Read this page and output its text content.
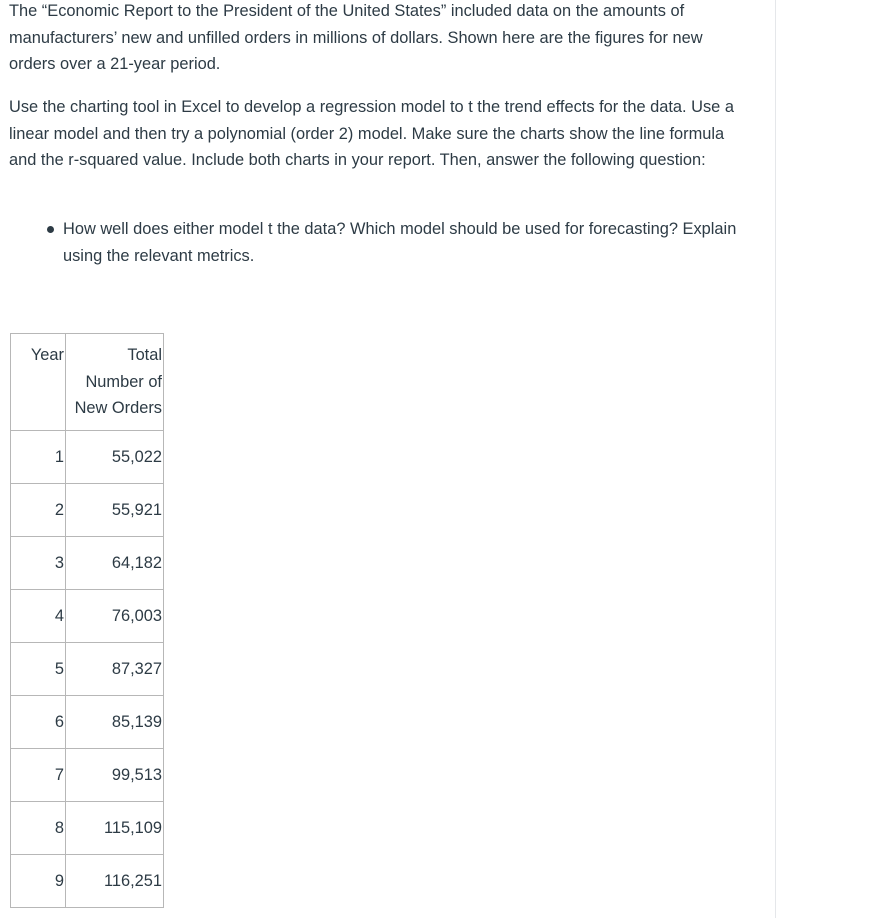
The “Economic Report to the President of the United States” included data on the amounts of manufacturers’ new and unfilled orders in millions of dollars. Shown here are the figures for new orders over a 21-year period.

Use the charting tool in Excel to develop a regression model to t the trend effects for the data. Use a linear model and then try a polynomial (order 2) model. Make sure the charts show the line formula and the r-squared value. Include both charts in your report. Then, answer the following question:

How well does either model t the data? Which model should be used for forecasting? Explain using the relevant metrics.
Year	Total Number of New Orders
1	55,022
2	55,921
3	64,182
4	76,003
5	87,327
6	85,139
7	99,513
8	115,109
9	116,251
